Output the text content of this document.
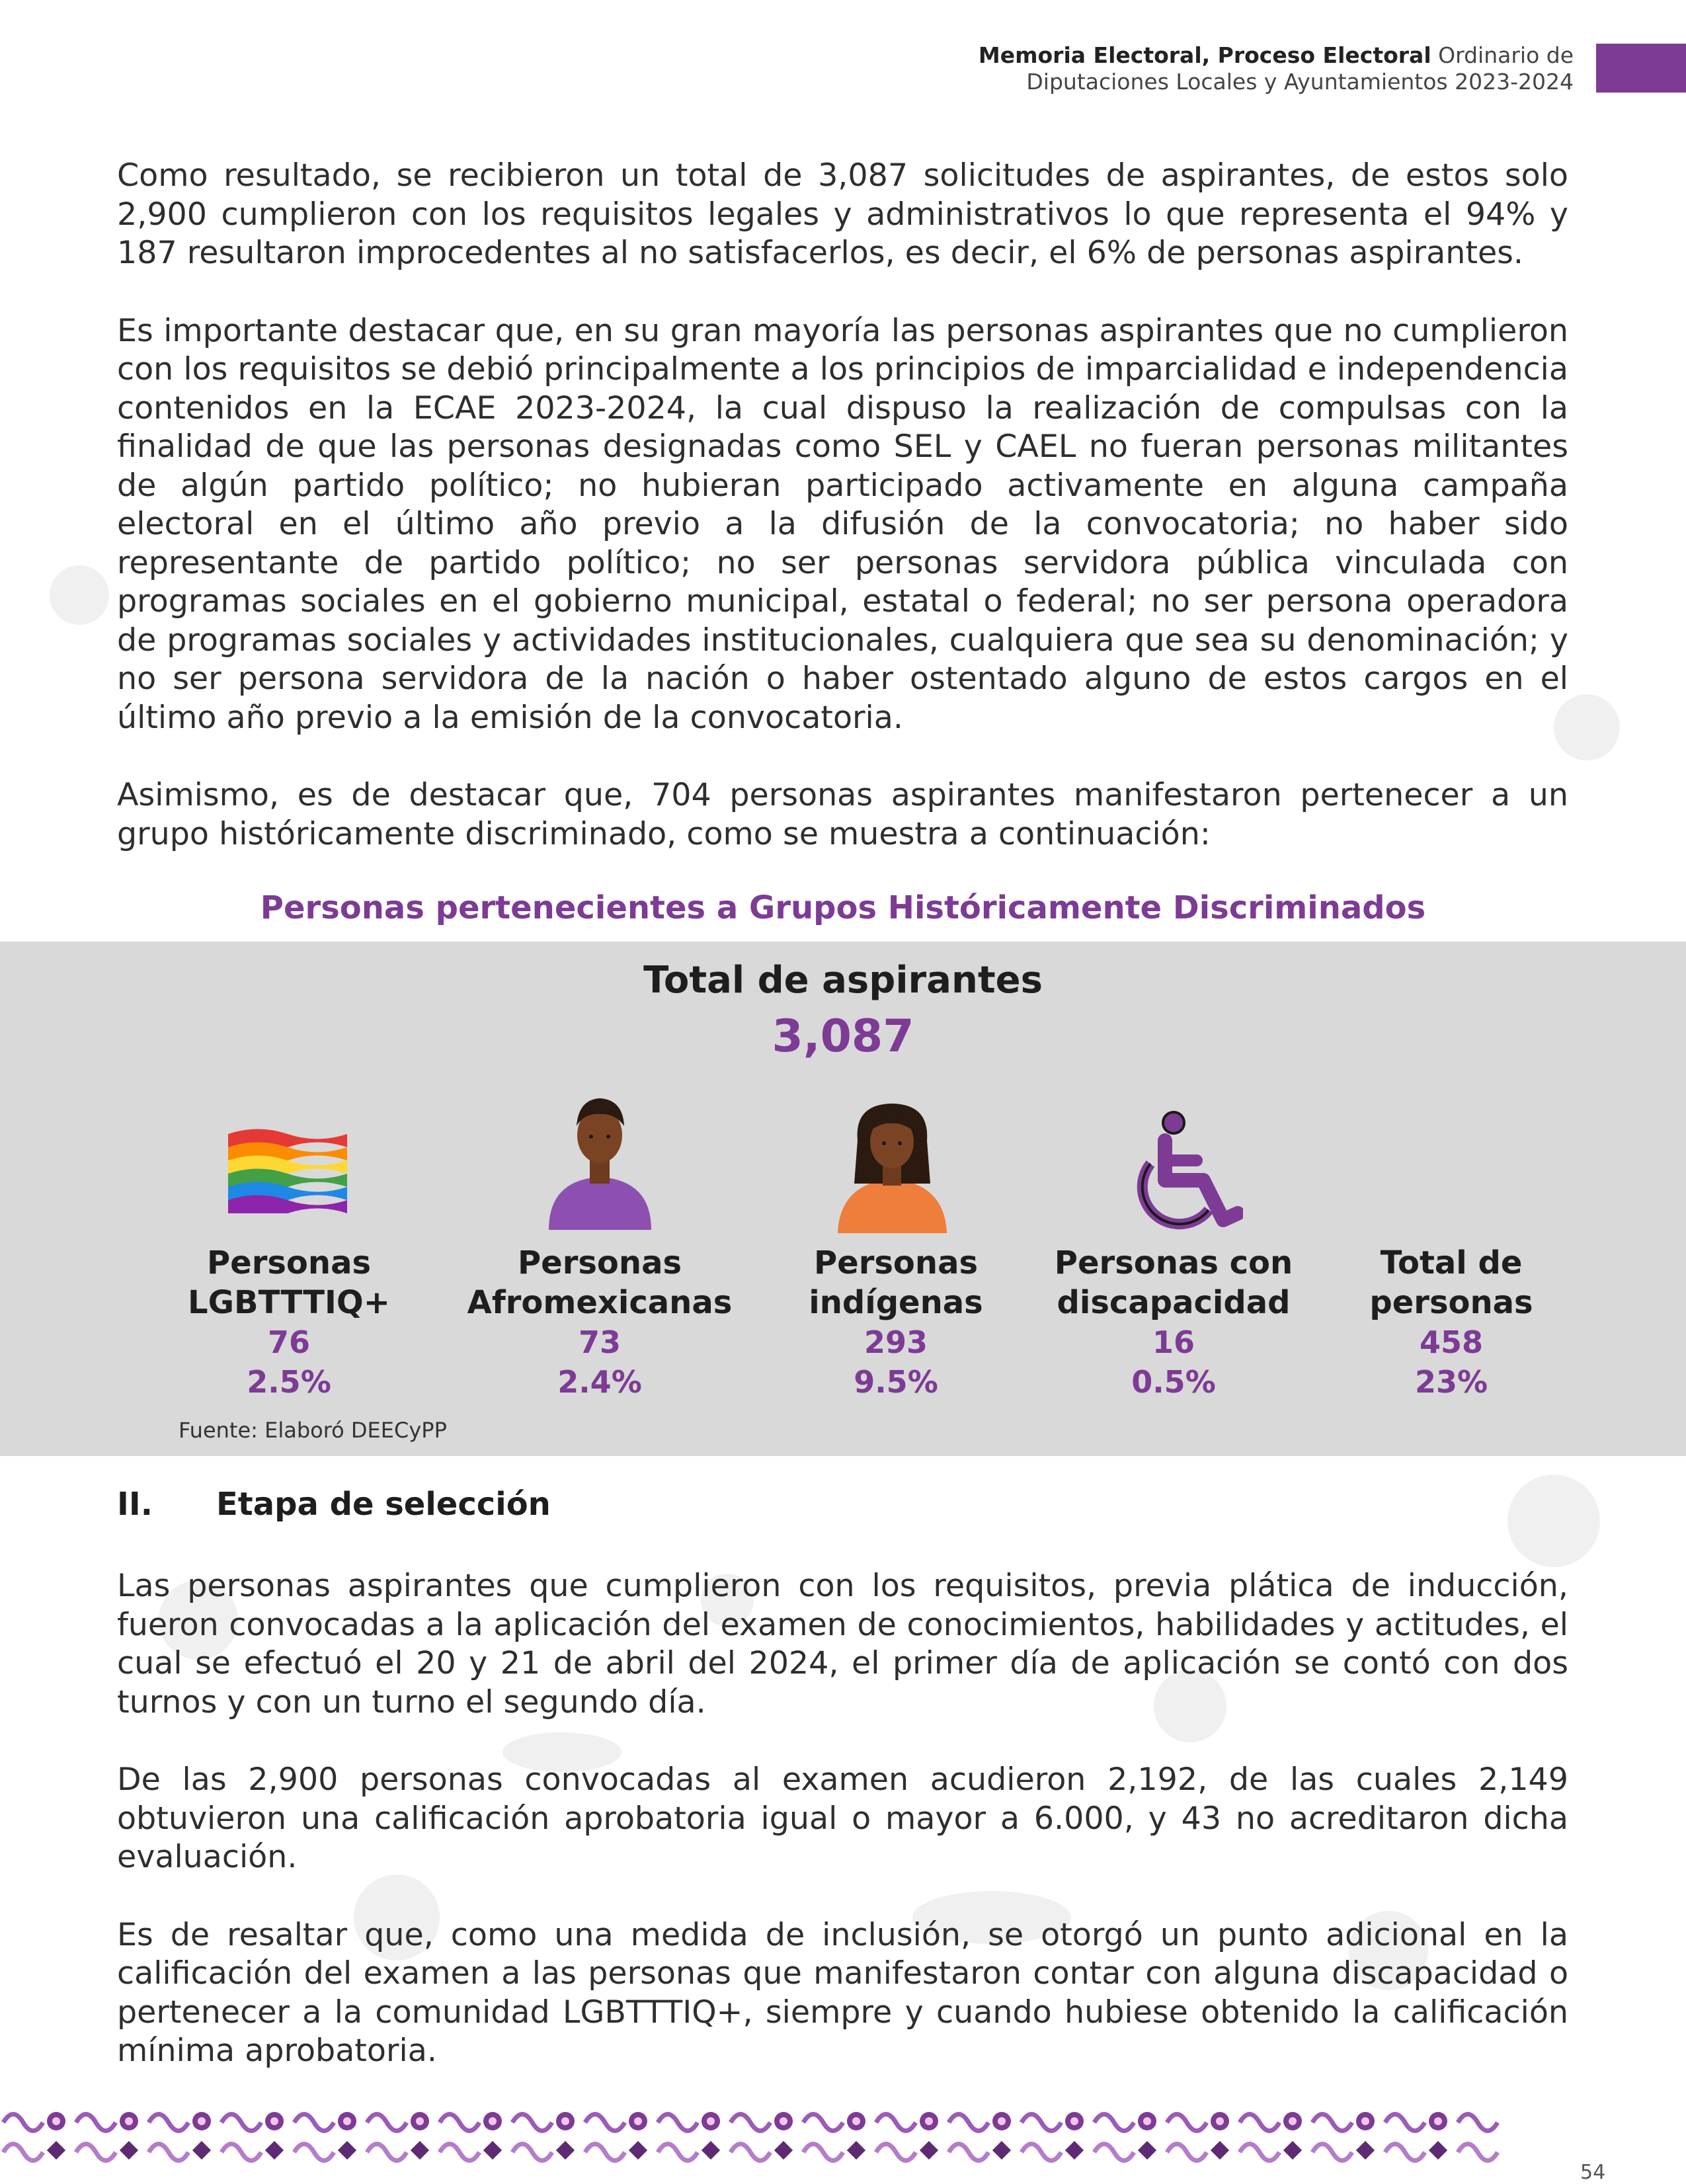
Memoria Electoral, Proceso Electoral Ordinario de
Diputaciones Locales y Ayuntamientos 2023-2024

Como resultado, se recibieron un total de 3,087 solicitudes de aspirantes, de estos solo 2,900 cumplieron con los requisitos legales y administrativos lo que representa el 94% y 187 resultaron improcedentes al no satisfacerlos, es decir, el 6% de personas aspirantes.

Es importante destacar que, en su gran mayoría las personas aspirantes que no cumplieron con los requisitos se debió principalmente a los principios de imparcialidad e independencia contenidos en la ECAE 2023-2024, la cual dispuso la realización de compulsas con la finalidad de que las personas designadas como SEL y CAEL no fueran personas militantes de algún partido político; no hubieran participado activamente en alguna campaña electoral en el último año previo a la difusión de la convocatoria; no haber sido representante de partido político; no ser personas servidora pública vinculada con programas sociales en el gobierno municipal, estatal o federal; no ser persona operadora de programas sociales y actividades institucionales, cualquiera que sea su denominación; y no ser persona servidora de la nación o haber ostentado alguno de estos cargos en el último año previo a la emisión de la convocatoria.

Asimismo, es de destacar que, 704 personas aspirantes manifestaron pertenecer a un grupo históricamente discriminado, como se muestra a continuación:

Personas pertenecientes a Grupos Históricamente Discriminados
Total de aspirantes
3,087
Personas
LGBTTTIQ+
76
2.5%
Personas
Afromexicanas
73
2.4%
Personas
indígenas
293
9.5%
Personas con
discapacidad
16
0.5%
Total de
personas
458
23%
Fuente: Elaboró DEECyPP
II. Etapa de selección

Las personas aspirantes que cumplieron con los requisitos, previa plática de inducción, fueron convocadas a la aplicación del examen de conocimientos, habilidades y actitudes, el cual se efectuó el 20 y 21 de abril del 2024, el primer día de aplicación se contó con dos turnos y con un turno el segundo día.

De las 2,900 personas convocadas al examen acudieron 2,192, de las cuales 2,149 obtuvieron una calificación aprobatoria igual o mayor a 6.000, y 43 no acreditaron dicha evaluación.

Es de resaltar que, como una medida de inclusión, se otorgó un punto adicional en la calificación del examen a las personas que manifestaron contar con alguna discapacidad o pertenecer a la comunidad LGBTTTIQ+, siempre y cuando hubiese obtenido la calificación mínima aprobatoria.

54
